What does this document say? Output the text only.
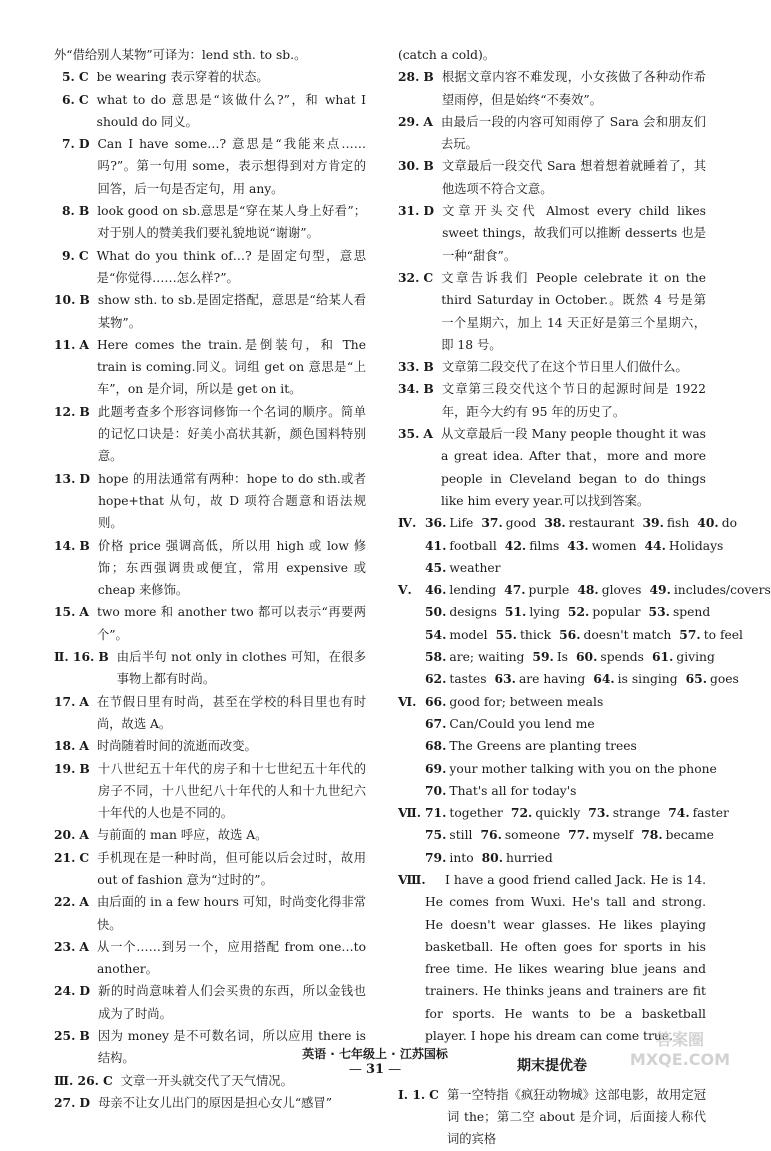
外“借给别人某物”可译为：lend sth. to sb.。
5. C be wearing 表示穿着的状态。
6. C what to do 意思是“该做什么?”，和 what I should do 同义。
7. D Can I have some…? 意思是“我能来点……吗?”。第一句用 some，表示想得到对方肯定的回答，后一句是否定句，用 any。
8. B look good on sb.意思是“穿在某人身上好看”；对于别人的赞美我们要礼貌地说“谢谢”。
9. C What do you think of…? 是固定句型，意思是“你觉得……怎么样?”。
10. B show sth. to sb.是固定搭配，意思是“给某人看某物”。
11. A Here comes the train.是倒装句，和 The train is coming.同义。词组 get on 意思是“上车”，on 是介词，所以是 get on it。
12. B 此题考查多个形容词修饰一个名词的顺序。简单的记忆口诀是：好美小高状其新，颜色国料特别意。
13. D hope 的用法通常有两种：hope to do sth.或者 hope+that 从句，故 D 项符合题意和语法规则。
14. B 价格 price 强调高低，所以用 high 或 low 修饰；东西强调贵或便宜，常用 expensive 或 cheap 来修饰。
15. A two more 和 another two 都可以表示“再要两个”。
Ⅱ. 16. B 由后半句 not only in clothes 可知，在很多事物上都有时尚。
17. A 在节假日里有时尚，甚至在学校的科目里也有时尚，故选 A。
18. A 时尚随着时间的流逝而改变。
19. B 十八世纪五十年代的房子和十七世纪五十年代的房子不同，十八世纪八十年代的人和十九世纪六十年代的人也是不同的。
20. A 与前面的 man 呼应，故选 A。
21. C 手机现在是一种时尚，但可能以后会过时，故用 out of fashion 意为“过时的”。
22. A 由后面的 in a few hours 可知，时尚变化得非常快。
23. A 从一个……到另一个，应用搭配 from one…to another。
24. D 新的时尚意味着人们会买贵的东西，所以金钱也成为了时尚。
25. B 因为 money 是不可数名词，所以应用 there is 结构。
Ⅲ. 26. C 文章一开头就交代了天气情况。
27. D 母亲不让女儿出门的原因是担心女儿“感冒”
(catch a cold)。
28. B 根据文章内容不难发现，小女孩做了各种动作希望雨停，但是始终“不奏效”。
29. A 由最后一段的内容可知雨停了 Sara 会和朋友们去玩。
30. B 文章最后一段交代 Sara 想着想着就睡着了，其他选项不符合文意。
31. D 文章开头交代 Almost every child likes sweet things，故我们可以推断 desserts 也是一种“甜食”。
32. C 文章告诉我们 People celebrate it on the third Saturday in October.。既然 4 号是第一个星期六，加上 14 天正好是第三个星期六，即 18 号。
33. B 文章第二段交代了在这个节日里人们做什么。
34. B 文章第三段交代这个节日的起源时间是 1922 年，距今大约有 95 年的历史了。
35. A 从文章最后一段 Many people thought it was a great idea. After that，more and more people in Cleveland began to do things like him every year.可以找到答案。
Ⅳ. 36. Life 37. good 38. restaurant 39. fish 40. do
41. football 42. films 43. women 44. Holidays
45. weather
Ⅴ.	46. lending 47. purple 48. gloves 49. includes/covers
50. designs 51. lying 52. popular 53. spend
54. model 55. thick 56. doesn't match 57. to feel
58. are; waiting 59. Is 60. spends 61. giving
62. tastes 63. are having 64. is singing 65. goes
Ⅵ. 66. good for; between meals
67. Can/Could you lend me
68. The Greens are planting trees
69. your mother talking with you on the phone
70. That's all for today's
Ⅶ. 71. together 72. quickly 73. strange 74. faster
75. still 76. someone 77. myself 78. became
79. into 80. hurried
Ⅷ.	I have a good friend called Jack. He is 14. He comes from Wuxi. He's tall and strong. He doesn't wear glasses. He likes playing basketball. He often goes for sports in his free time. He likes wearing blue jeans and trainers. He thinks jeans and trainers are fit for sports. He wants to be a basketball player. I hope his dream can come true.

期末提优卷
Ⅰ. 1. C 第一空特指《疯狂动物城》这部电影，故用定冠词 the；第二空 about 是介词，后面接人称代词的宾格
英语 · 七年级上 · 江苏国标
— 31 —
答案圈
MXQE.COM
